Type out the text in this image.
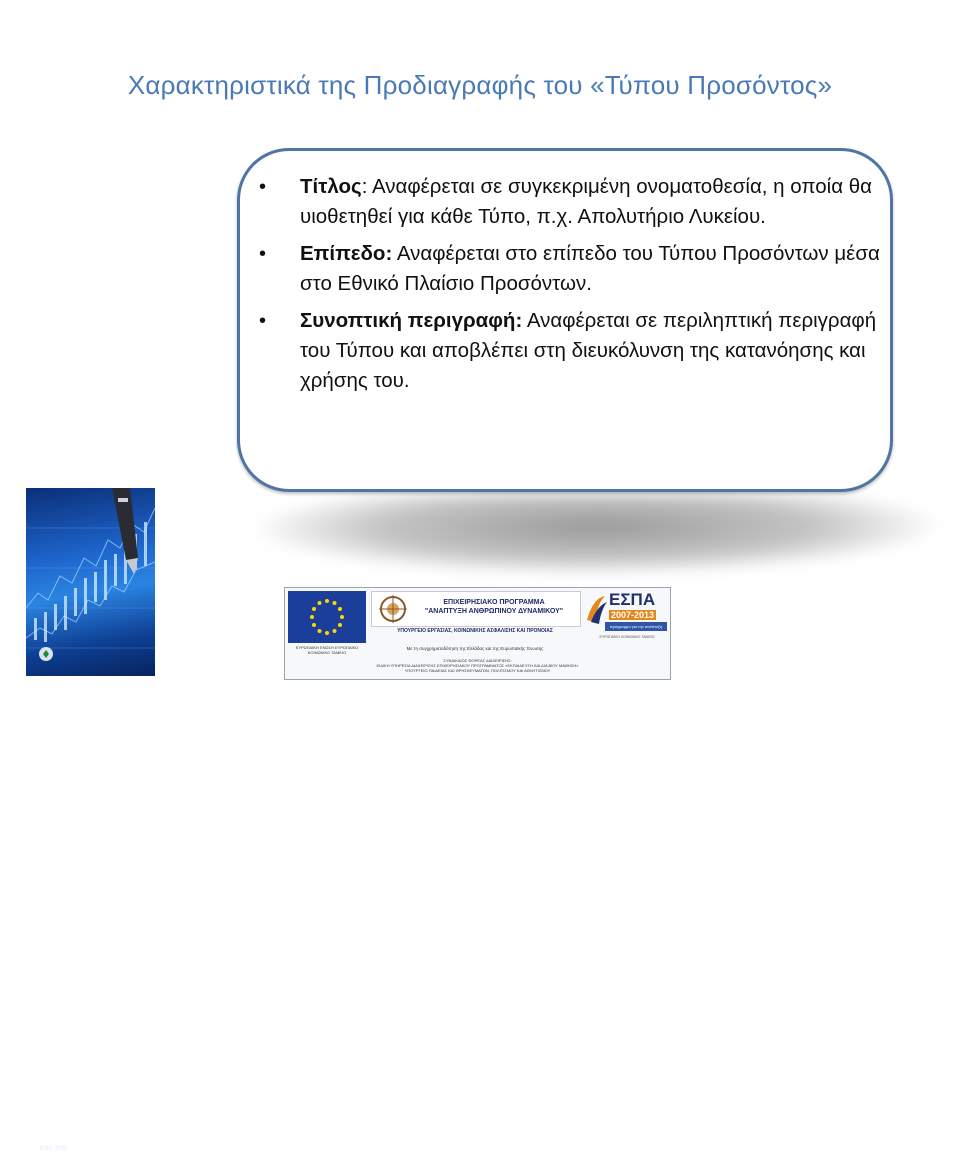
Χαρακτηριστικά της Προδιαγραφής του «Τύπου Προσόντος»
• Τίτλος: Αναφέρεται σε συγκεκριμένη ονοματοθεσία, η οποία θα υιοθετηθεί για κάθε Τύπο, π.χ. Απολυτήριο Λυκείου.
• Επίπεδο: Αναφέρεται στο επίπεδο του Τύπου Προσόντων μέσα στο Εθνικό Πλαίσιο Προσόντων.
• Συνοπτική περιγραφή: Αναφέρεται σε περιληπτική περιγραφή του Τύπου και αποβλέπει στη διευκόλυνση της κατανόησης και χρήσης του.
EDU JOB
ΕΥΡΩΠΑΪΚΗ ΕΝΩΣΗ ΕΥΡΩΠΑΪΚΟ ΚΟΙΝΩΝΙΚΟ ΤΑΜΕΙΟ
ΕΠΙΧΕΙΡΗΣΙΑΚΟ ΠΡΟΓΡΑΜΜΑ
"ΑΝΑΠΤΥΞΗ ΑΝΘΡΩΠΙΝΟΥ ΔΥΝΑΜΙΚΟΥ"
ΕΣΠΑ
2007-2013
πρόγραμμα για την ανάπτυξη
ΕΥΡΩΠΑΪΚΟ ΚΟΙΝΩΝΙΚΟ ΤΑΜΕΙΟ
ΥΠΟΥΡΓΕΙΟ ΕΡΓΑΣΙΑΣ, ΚΟΙΝΩΝΙΚΗΣ ΑΣΦΑΛΙΣΗΣ ΚΑΙ ΠΡΟΝΟΙΑΣ
Με τη συγχρηματοδότηση της Ελλάδας και της Ευρωπαϊκής Ένωσης
ΣΥΝΔΙΚΑΙΟΣ ΦΟΡΕΑΣ ΔΙΑΧΕΙΡΙΣΗΣ:
ΕΙΔΙΚΗ ΥΠΗΡΕΣΙΑ ΔΙΑΧΕΙΡΙΣΗΣ ΕΠΙΧΕΙΡΗΣΙΑΚΟΥ ΠΡΟΓΡΑΜΜΑΤΟΣ «ΕΚΠΑΙΔΕΥΣΗ ΚΑΙ ΔΙΑ ΒΙΟΥ ΜΑΘΗΣΗ»
ΥΠΟΥΡΓΕΙΟ ΠΑΙΔΕΙΑΣ ΚΑΙ ΘΡΗΣΚΕΥΜΑΤΩΝ, ΠΟΛΙΤΙΣΜΟΥ ΚΑΙ ΑΘΛΗΤΙΣΜΟΥ
